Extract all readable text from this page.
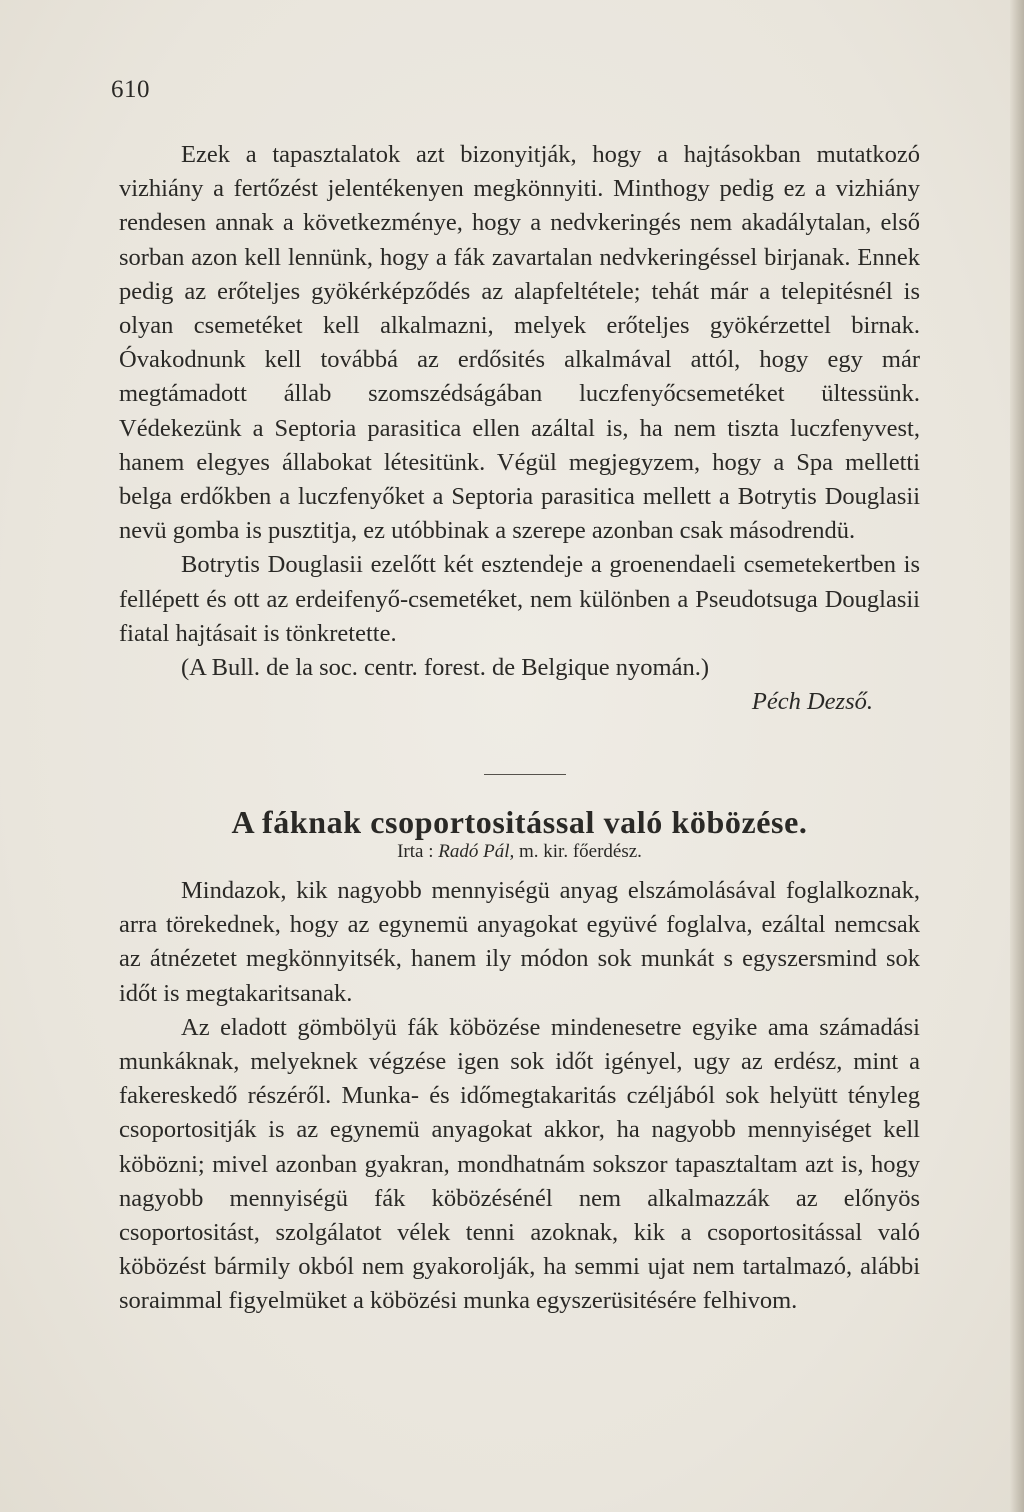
610

Ezek a tapasztalatok azt bizonyitják, hogy a hajtásokban mutatkozó vizhiány a fertőzést jelentékenyen megkönnyiti. Minthogy pedig ez a vizhiány rendesen annak a következménye, hogy a nedvkeringés nem akadálytalan, első sorban azon kell lennünk, hogy a fák zavartalan nedvkeringéssel birjanak. Ennek pedig az erőteljes gyökérképződés az alapfeltétele; tehát már a telepitésnél is olyan csemetéket kell alkalmazni, melyek erőteljes gyökérzettel birnak. Óvakodnunk kell továbbá az erdősités alkalmával attól, hogy egy már megtámadott állab szomszédságában luczfenyőcsemetéket ültessünk. Védekezünk a Septoria parasitica ellen azáltal is, ha nem tiszta luczfenyvest, hanem elegyes állabokat létesitünk. Végül megjegyzem, hogy a Spa melletti belga erdőkben a luczfenyőket a Septoria parasitica mellett a Botrytis Douglasii nevü gomba is pusztitja, ez utóbbinak a szerepe azonban csak másodrendü.

Botrytis Douglasii ezelőtt két esztendeje a groenendaeli csemetekertben is fellépett és ott az erdeifenyő-csemetéket, nem különben a Pseudotsuga Douglasii fiatal hajtásait is tönkretette.

(A Bull. de la soc. centr. forest. de Belgique nyomán.)

Péch Dezső.
A fáknak csoportositással való köbözése.
Irta : Radó Pál, m. kir. főerdész.

Mindazok, kik nagyobb mennyiségü anyag elszámolásával foglalkoznak, arra törekednek, hogy az egynemü anyagokat együvé foglalva, ezáltal nemcsak az átnézetet megkönnyitsék, hanem ily módon sok munkát s egyszersmind sok időt is megtakaritsanak.

Az eladott gömbölyü fák köbözése mindenesetre egyike ama számadási munkáknak, melyeknek végzése igen sok időt igényel, ugy az erdész, mint a fakereskedő részéről. Munka- és időmegtakaritás czéljából sok helyütt tényleg csoportositják is az egynemü anyagokat akkor, ha nagyobb mennyiséget kell köbözni; mivel azonban gyakran, mondhatnám sokszor tapasztaltam azt is, hogy nagyobb mennyiségü fák köbözésénél nem alkalmazzák az előnyös csoportositást, szolgálatot vélek tenni azoknak, kik a csoportositással való köbözést bármily okból nem gyakorolják, ha semmi ujat nem tartalmazó, alábbi soraimmal figyelmüket a köbözési munka egyszerüsitésére felhivom.
